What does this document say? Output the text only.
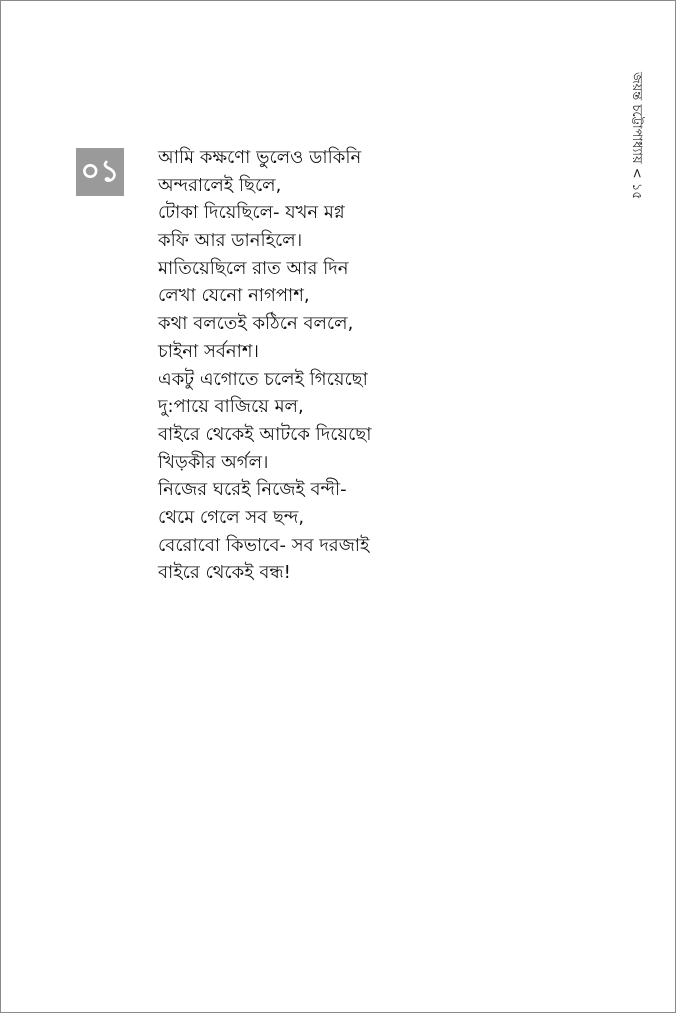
জয়ন্ত চট্টোপাধ্যায় < ১৫
০১ আমি কক্ষণো ভুলেও ডাকিনি
অন্দরালেই ছিলে,
টোকা দিয়েছিলে- যখন মগ্ন
কফি আর ডানহিলে।
মাতিয়েছিলে রাত আর দিন
লেখা যেনো নাগপাশ,
কথা বলতেই কঠিনে বললে,
চাইনা সর্বনাশ।
একটু এগোতে চলেই গিয়েছো
দু:পায়ে বাজিয়ে মল,
বাইরে থেকেই আটকে দিয়েছো
খিড়কীর অর্গল।
নিজের ঘরেই নিজেই বন্দী-
থেমে গেলে সব ছন্দ,
বেরোবো কিভাবে- সব দরজাই
বাইরে থেকেই বন্ধ!
